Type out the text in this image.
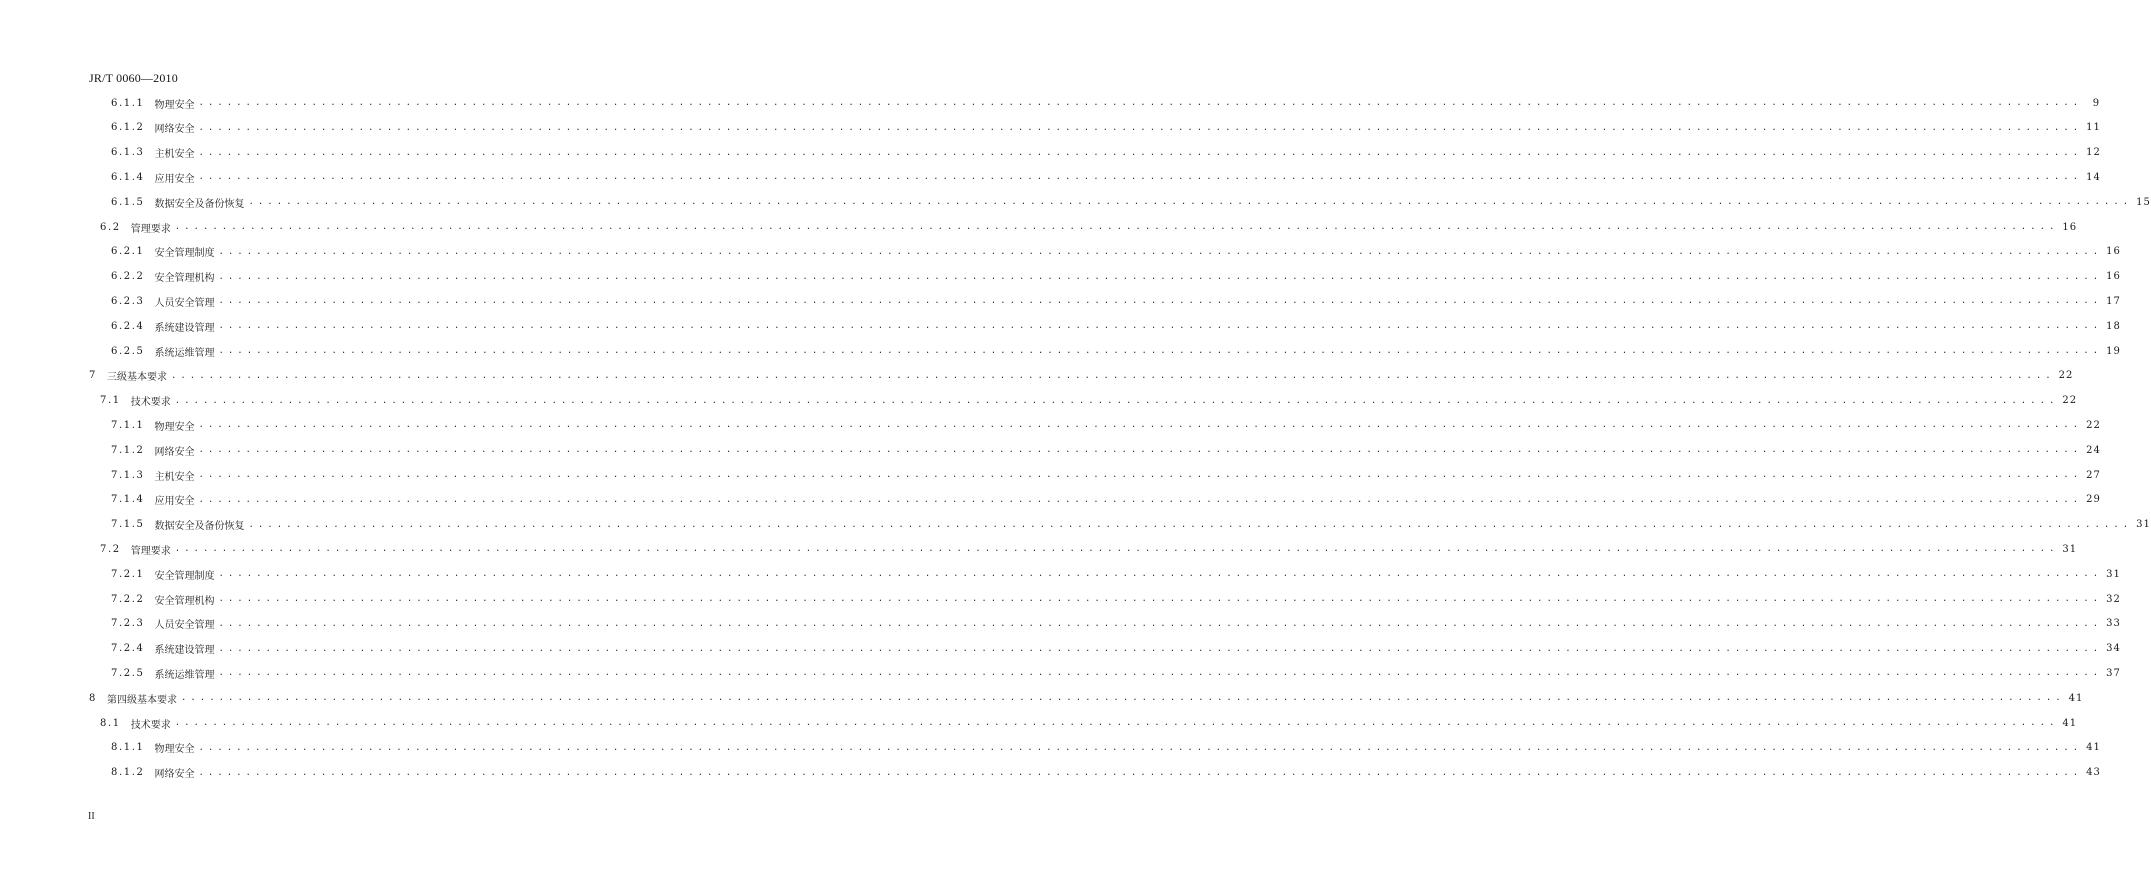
JR/T 0060—2010
6.1.1 物理安全 ........................................................................................................................................................................................................	9
6.1.2 网络安全 ........................................................................................................................................................................................................ 11
6.1.3 主机安全 ........................................................................................................................................................................................................ 12
6.1.4 应用安全 ........................................................................................................................................................................................................ 14
6.1.5 数据安全及备份恢复 ........................................................................................................................................................................................................ 15
6.2 管理要求 ........................................................................................................................................................................................................ 16
6.2.1 安全管理制度 ........................................................................................................................................................................................................ 16
6.2.2 安全管理机构 ........................................................................................................................................................................................................ 16
6.2.3 人员安全管理 ........................................................................................................................................................................................................ 17
6.2.4 系统建设管理 ........................................................................................................................................................................................................ 18
6.2.5 系统运维管理 ........................................................................................................................................................................................................ 19
7 三级基本要求 ........................................................................................................................................................................................................ 22
7.1 技术要求 ........................................................................................................................................................................................................ 22
7.1.1 物理安全 ........................................................................................................................................................................................................ 22
7.1.2 网络安全 ........................................................................................................................................................................................................ 24
7.1.3 主机安全 ........................................................................................................................................................................................................ 27
7.1.4 应用安全 ........................................................................................................................................................................................................ 29
7.1.5 数据安全及备份恢复 ........................................................................................................................................................................................................ 31
7.2 管理要求 ........................................................................................................................................................................................................ 31
7.2.1 安全管理制度 ........................................................................................................................................................................................................ 31
7.2.2 安全管理机构 ........................................................................................................................................................................................................ 32
7.2.3 人员安全管理 ........................................................................................................................................................................................................ 33
7.2.4 系统建设管理 ........................................................................................................................................................................................................ 34
7.2.5 系统运维管理 ........................................................................................................................................................................................................ 37
8 第四级基本要求 ........................................................................................................................................................................................................ 41
8.1 技术要求 ........................................................................................................................................................................................................ 41
8.1.1 物理安全 ........................................................................................................................................................................................................ 41
8.1.2 网络安全 ........................................................................................................................................................................................................ 43
II
